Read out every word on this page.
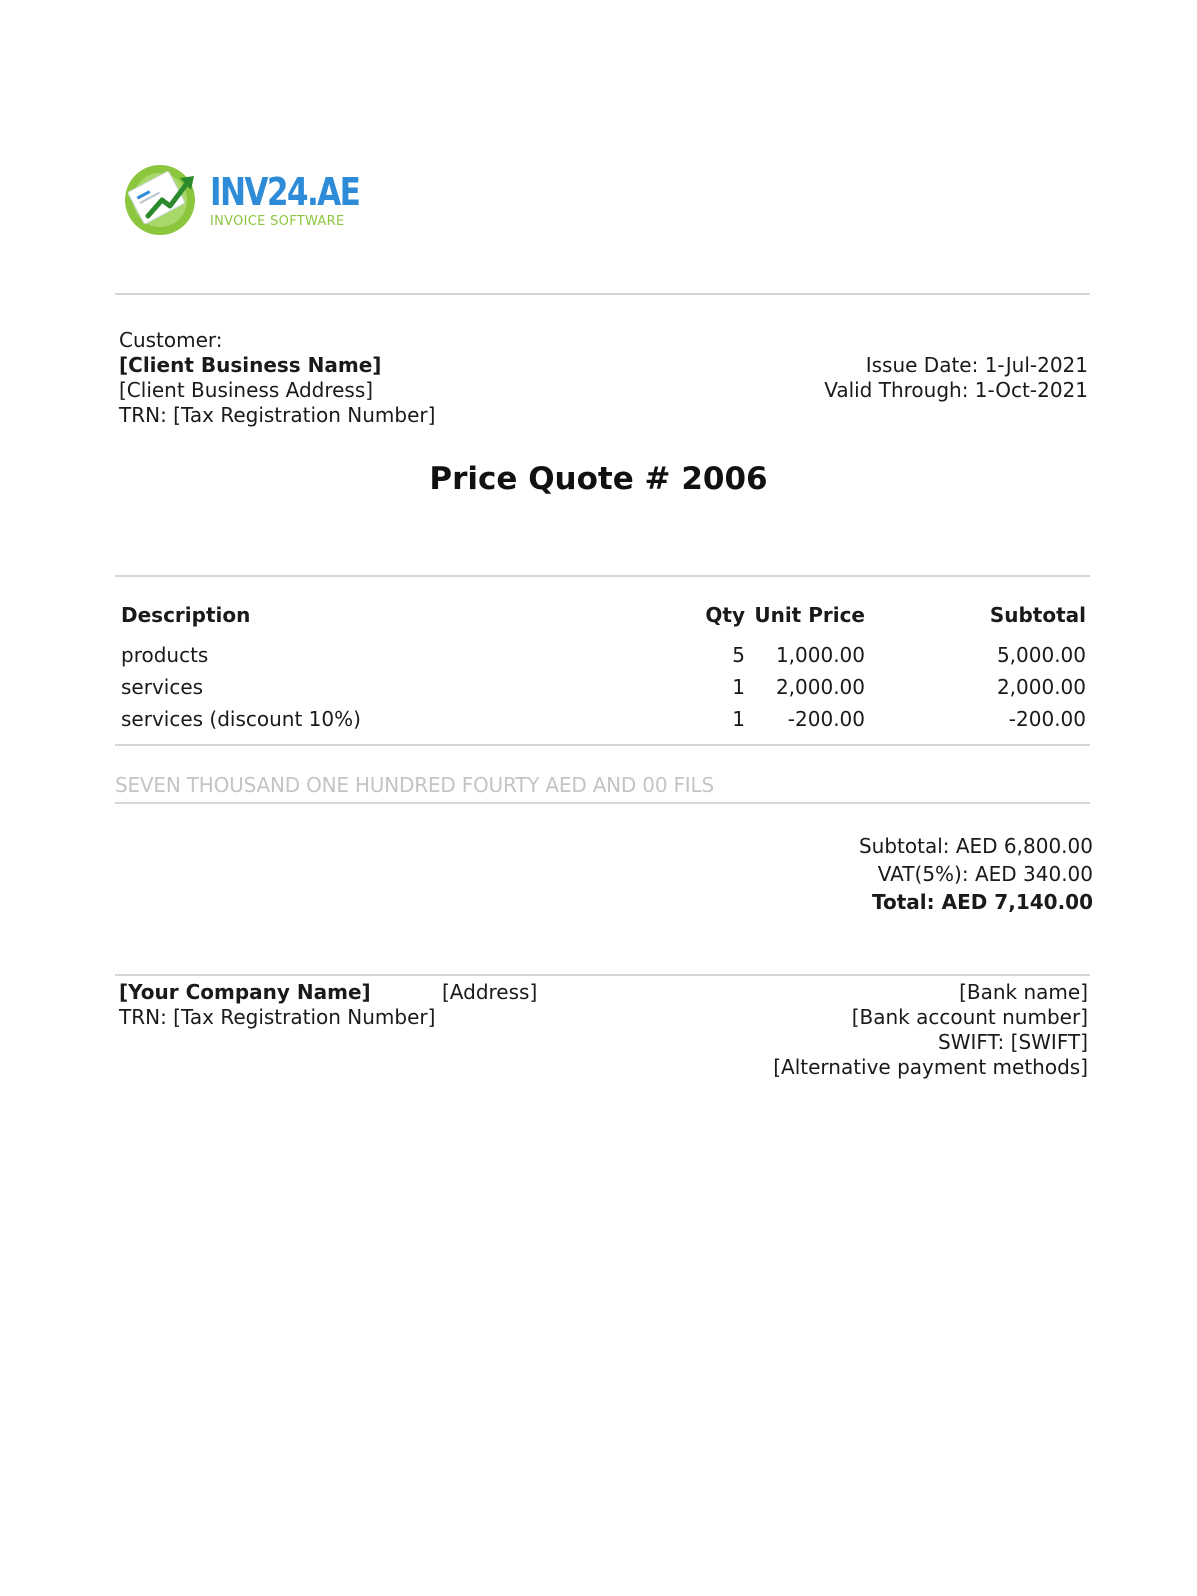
INV24.AE
INVOICE SOFTWARE
Customer:
[Client Business Name]
[Client Business Address]
TRN: [Tax Registration Number]
Issue Date: 1-Jul-2021
Valid Through: 1-Oct-2021
Price Quote # 2006
Description	Qty Unit Price	Subtotal
products	5	1,000.00	5,000.00
services	1	2,000.00	2,000.00
services (discount 10%)	1	-200.00	-200.00
SEVEN THOUSAND ONE HUNDRED FOURTY AED AND 00 FILS
Subtotal: AED 6,800.00
VAT(5%): AED 340.00
Total: AED 7,140.00
[Your Company Name]
TRN: [Tax Registration Number]
[Address]	[Bank name]
[Bank account number]
SWIFT: [SWIFT]
[Alternative payment methods]
